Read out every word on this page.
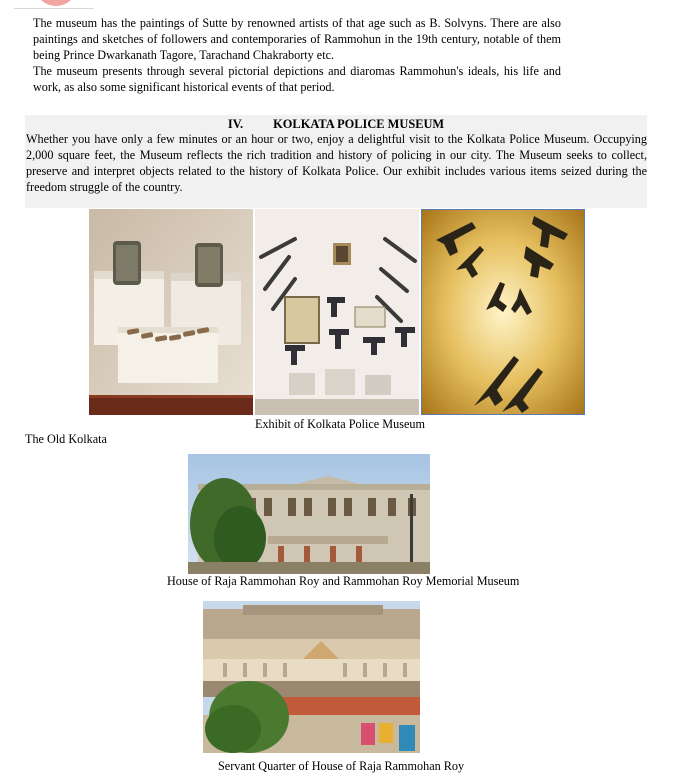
The museum has the paintings of Sutte by renowned artists of that age such as B. Solvyns. There are also paintings and sketches of followers and contemporaries of Rammohun in the 19th century, notable of them being Prince Dwarkanath Tagore, Tarachand Chakraborty etc.
The museum presents through several pictorial depictions and diaromas Rammohun's ideals, his life and work, as also some significant historical events of that period.
IV. KOLKATA POLICE MUSEUM
Whether you have only a few minutes or an hour or two, enjoy a delightful visit to the Kolkata Police Museum. Occupying 2,000 square feet, the Museum reflects the rich tradition and history of policing in our city. The Museum seeks to collect, preserve and interpret objects related to the history of Kolkata Police. Our exhibit includes various items seized during the freedom struggle of the country.
Exhibit of Kolkata Police Museum
The Old Kolkata
House of Raja Rammohan Roy and Rammohan Roy Memorial Museum
Servant Quarter of House of Raja Rammohan Roy
